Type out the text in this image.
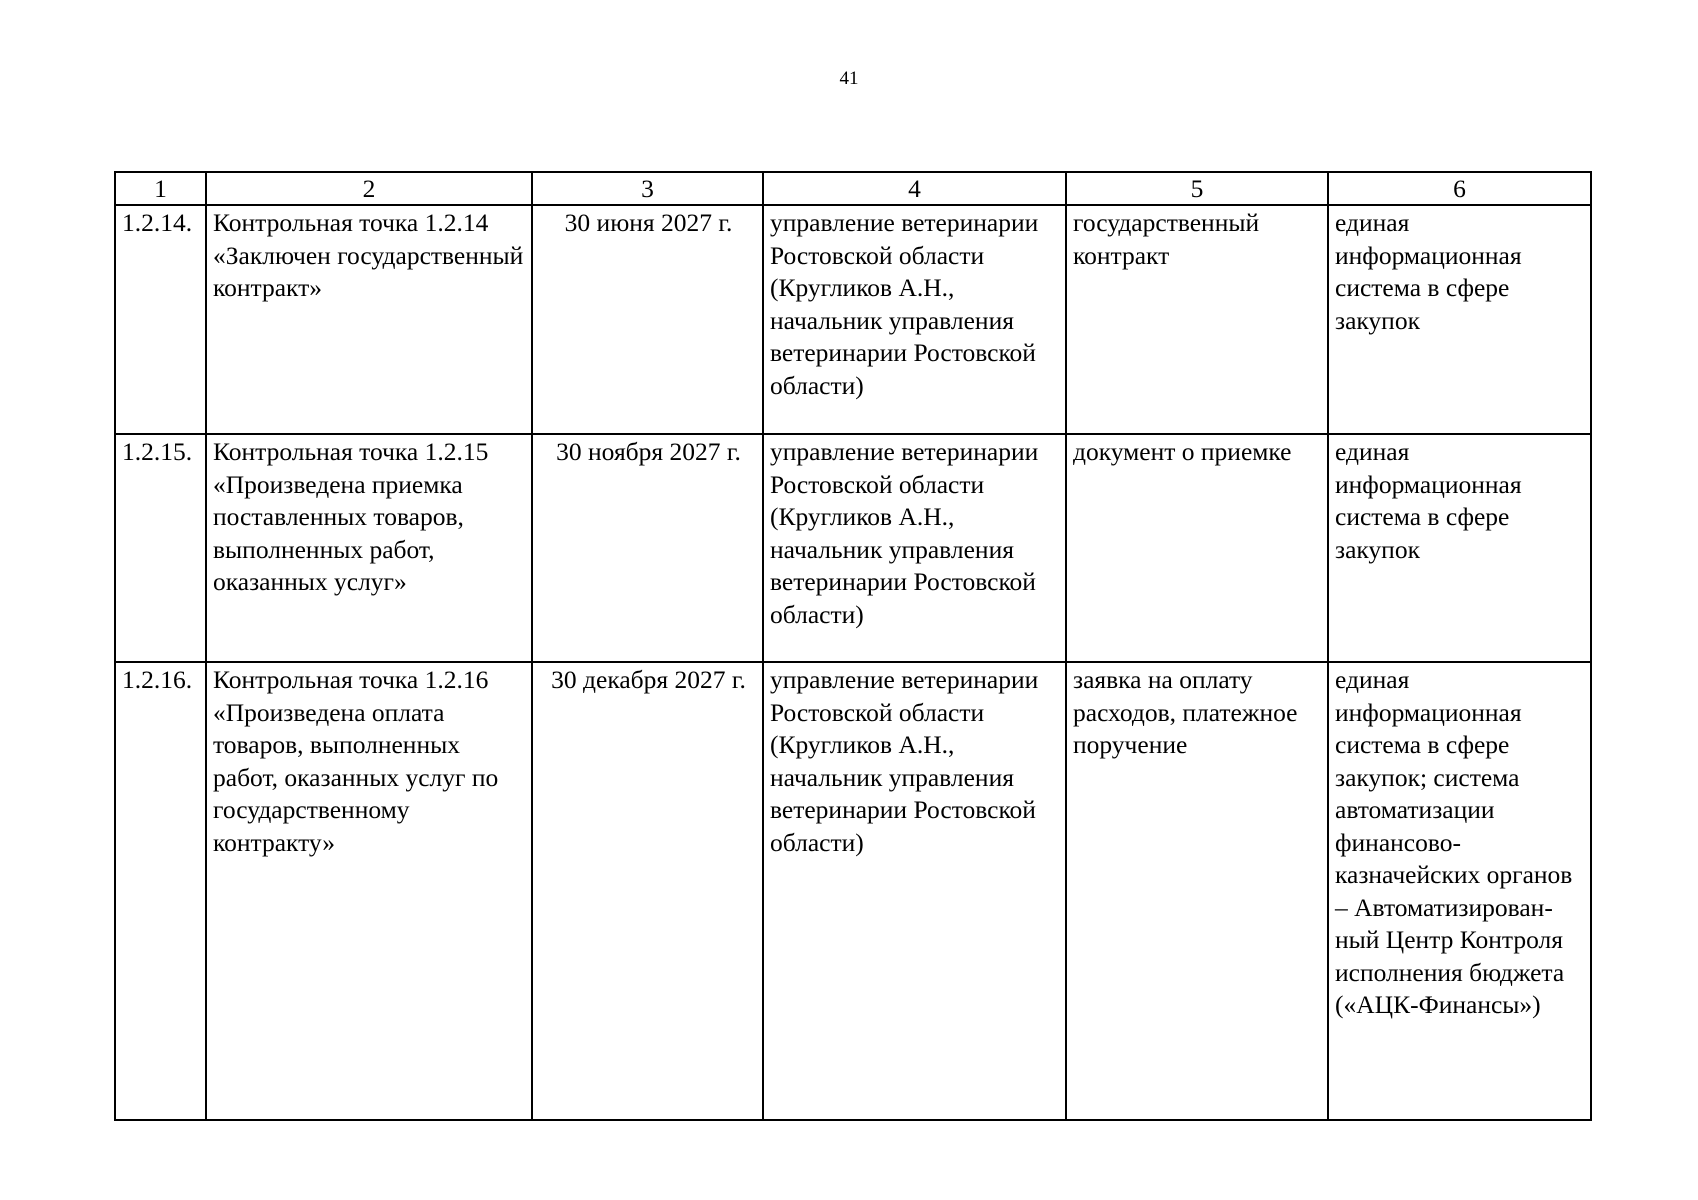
41
1	2	3	4	5	6
1.2.14.	Контрольная точка 1.2.14 «Заключен государственный контракт»	30 июня 2027 г.	управление ветеринарии Ростовской области (Кругликов А.Н., начальник управления ветеринарии Ростовской области)	государственный контракт	единая информационная система в сфере закупок
1.2.15.	Контрольная точка 1.2.15 «Произведена приемка поставленных товаров, выполненных работ, оказанных услуг»	30 ноября 2027 г.	управление ветеринарии Ростовской области (Кругликов А.Н., начальник управления ветеринарии Ростовской области)	документ о приемке	единая информационная система в сфере закупок
1.2.16.	Контрольная точка 1.2.16 «Произведена оплата товаров, выполненных работ, оказанных услуг по государственному контракту»	30 декабря 2027 г.	управление ветеринарии Ростовской области (Кругликов А.Н., начальник управления ветеринарии Ростовской области)	заявка на оплату расходов, платежное поручение	единая информационная система в сфере закупок; система автоматизации финансово-казначейских органов – Автоматизирован-ный Центр Контроля исполнения бюджета («АЦК-Финансы»)
